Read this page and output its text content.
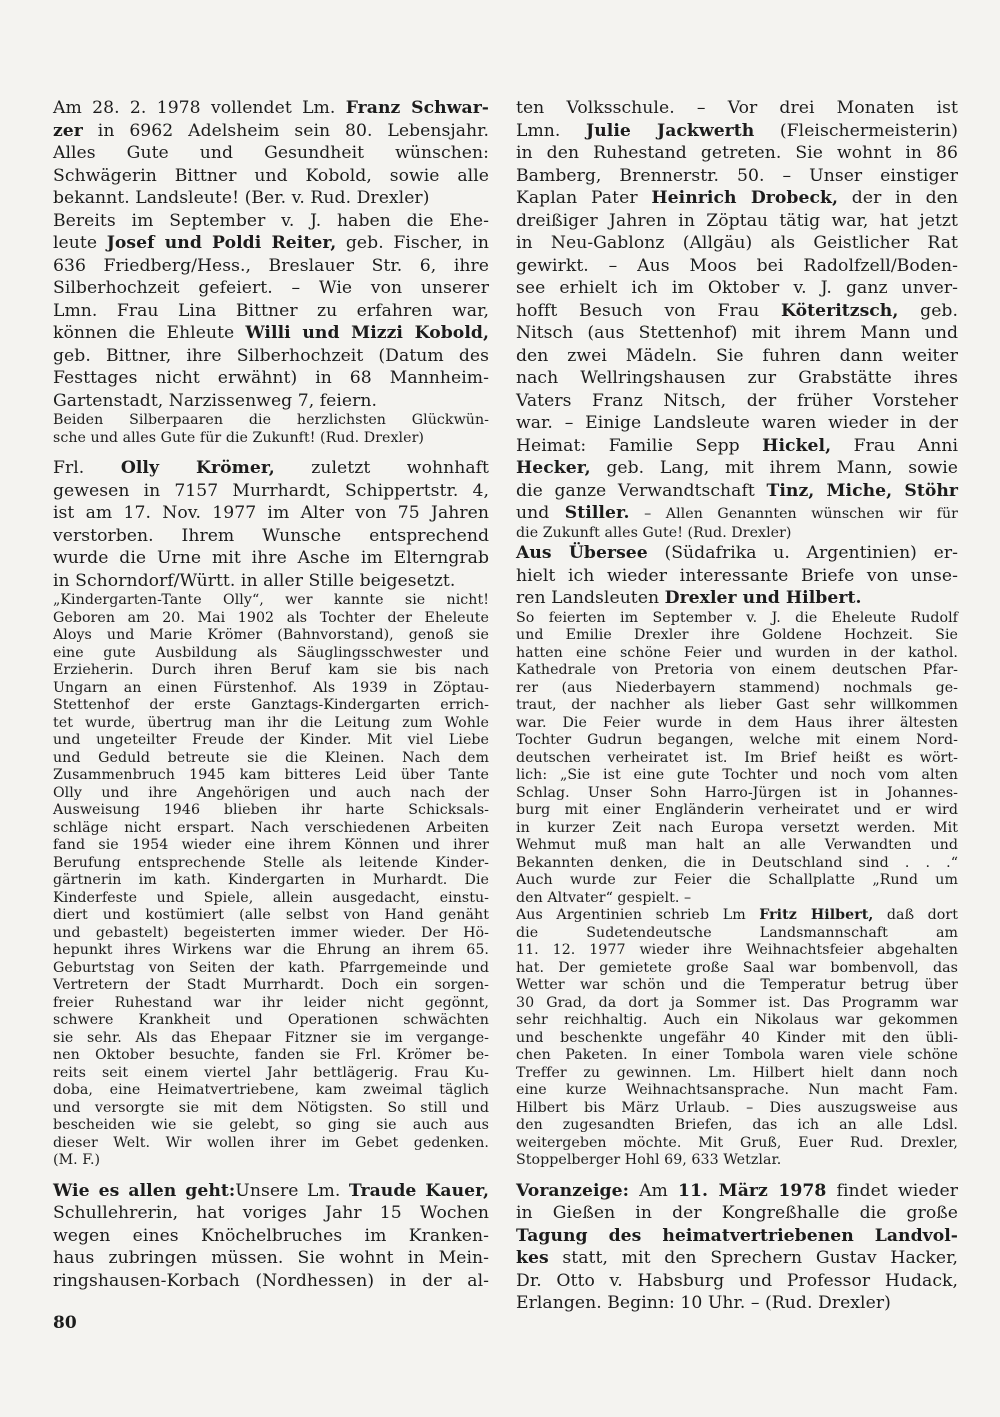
Am 28. 2. 1978 vollendet Lm. Franz Schwar-
zer in 6962 Adelsheim sein 80. Lebensjahr.
Alles Gute und Gesundheit wünschen:
Schwägerin Bittner und Kobold, sowie alle
bekannt. Landsleute! (Ber. v. Rud. Drexler)
Bereits im September v. J. haben die Ehe-
leute Josef und Poldi Reiter, geb. Fischer, in
636 Friedberg/Hess., Breslauer Str. 6, ihre
Silberhochzeit gefeiert. – Wie von unserer
Lmn. Frau Lina Bittner zu erfahren war,
können die Ehleute Willi und Mizzi Kobold,
geb. Bittner, ihre Silberhochzeit (Datum des
Festtages nicht erwähnt) in 68 Mannheim-
Gartenstadt, Narzissenweg 7, feiern.
Beiden Silberpaaren die herzlichsten Glückwün-
sche und alles Gute für die Zukunft! (Rud. Drexler)
Frl. Olly Krömer, zuletzt wohnhaft
gewesen in 7157 Murrhardt, Schippertstr. 4,
ist am 17. Nov. 1977 im Alter von 75 Jahren
verstorben. Ihrem Wunsche entsprechend
wurde die Urne mit ihre Asche im Elterngrab
in Schorndorf/Württ. in aller Stille beigesetzt.
„Kindergarten-Tante Olly“, wer kannte sie nicht!
Geboren am 20. Mai 1902 als Tochter der Eheleute
Aloys und Marie Krömer (Bahnvorstand), genoß sie
eine gute Ausbildung als Säuglingsschwester und
Erzieherin. Durch ihren Beruf kam sie bis nach
Ungarn an einen Fürstenhof. Als 1939 in Zöptau-
Stettenhof der erste Ganztags-Kindergarten errich-
tet wurde, übertrug man ihr die Leitung zum Wohle
und ungeteilter Freude der Kinder. Mit viel Liebe
und Geduld betreute sie die Kleinen. Nach dem
Zusammenbruch 1945 kam bitteres Leid über Tante
Olly und ihre Angehörigen und auch nach der
Ausweisung 1946 blieben ihr harte Schicksals-
schläge nicht erspart. Nach verschiedenen Arbeiten
fand sie 1954 wieder eine ihrem Können und ihrer
Berufung entsprechende Stelle als leitende Kinder-
gärtnerin im kath. Kindergarten in Murhardt. Die
Kinderfeste und Spiele, allein ausgedacht, einstu-
diert und kostümiert (alle selbst von Hand genäht
und gebastelt) begeisterten immer wieder. Der Hö-
hepunkt ihres Wirkens war die Ehrung an ihrem 65.
Geburtstag von Seiten der kath. Pfarrgemeinde und
Vertretern der Stadt Murrhardt. Doch ein sorgen-
freier Ruhestand war ihr leider nicht gegönnt,
schwere Krankheit und Operationen schwächten
sie sehr. Als das Ehepaar Fitzner sie im vergange-
nen Oktober besuchte, fanden sie Frl. Krömer be-
reits seit einem viertel Jahr bettlägerig. Frau Ku-
doba, eine Heimatvertriebene, kam zweimal täglich
und versorgte sie mit dem Nötigsten. So still und
bescheiden wie sie gelebt, so ging sie auch aus
dieser Welt. Wir wollen ihrer im Gebet gedenken.
(M. F.)
Wie es allen geht:Unsere Lm. Traude Kauer,
Schullehrerin, hat voriges Jahr 15 Wochen
wegen eines Knöchelbruches im Kranken-
haus zubringen müssen. Sie wohnt in Mein-
ringshausen-Korbach (Nordhessen) in der al-
ten Volksschule. – Vor drei Monaten ist
Lmn. Julie Jackwerth (Fleischermeisterin)
in den Ruhestand getreten. Sie wohnt in 86
Bamberg, Brennerstr. 50. – Unser einstiger
Kaplan Pater Heinrich Drobeck, der in den
dreißiger Jahren in Zöptau tätig war, hat jetzt
in Neu-Gablonz (Allgäu) als Geistlicher Rat
gewirkt. – Aus Moos bei Radolfzell/Boden-
see erhielt ich im Oktober v. J. ganz unver-
hofft Besuch von Frau Köteritzsch, geb.
Nitsch (aus Stettenhof) mit ihrem Mann und
den zwei Mädeln. Sie fuhren dann weiter
nach Wellringshausen zur Grabstätte ihres
Vaters Franz Nitsch, der früher Vorsteher
war. – Einige Landsleute waren wieder in der
Heimat: Familie Sepp Hickel, Frau Anni
Hecker, geb. Lang, mit ihrem Mann, sowie
die ganze Verwandtschaft Tinz, Miche, Stöhr
und Stiller. – Allen Genannten wünschen wir für
die Zukunft alles Gute! (Rud. Drexler)
Aus Übersee (Südafrika u. Argentinien) er-
hielt ich wieder interessante Briefe von unse-
ren Landsleuten Drexler und Hilbert.
So feierten im September v. J. die Eheleute Rudolf
und Emilie Drexler ihre Goldene Hochzeit. Sie
hatten eine schöne Feier und wurden in der kathol.
Kathedrale von Pretoria von einem deutschen Pfar-
rer (aus Niederbayern stammend) nochmals ge-
traut, der nachher als lieber Gast sehr willkommen
war. Die Feier wurde in dem Haus ihrer ältesten
Tochter Gudrun begangen, welche mit einem Nord-
deutschen verheiratet ist. Im Brief heißt es wört-
lich: „Sie ist eine gute Tochter und noch vom alten
Schlag. Unser Sohn Harro-Jürgen ist in Johannes-
burg mit einer Engländerin verheiratet und er wird
in kurzer Zeit nach Europa versetzt werden. Mit
Wehmut muß man halt an alle Verwandten und
Bekannten denken, die in Deutschland sind . . .“
Auch wurde zur Feier die Schallplatte „Rund um
den Altvater“ gespielt. –
Aus Argentinien schrieb Lm Fritz Hilbert, daß dort
die Sudetendeutsche Landsmannschaft am
11. 12. 1977 wieder ihre Weihnachtsfeier abgehalten
hat. Der gemietete große Saal war bombenvoll, das
Wetter war schön und die Temperatur betrug über
30 Grad, da dort ja Sommer ist. Das Programm war
sehr reichhaltig. Auch ein Nikolaus war gekommen
und beschenkte ungefähr 40 Kinder mit den übli-
chen Paketen. In einer Tombola waren viele schöne
Treffer zu gewinnen. Lm. Hilbert hielt dann noch
eine kurze Weihnachtsansprache. Nun macht Fam.
Hilbert bis März Urlaub. – Dies auszugsweise aus
den zugesandten Briefen, das ich an alle Ldsl.
weitergeben möchte. Mit Gruß, Euer Rud. Drexler,
Stoppelberger Hohl 69, 633 Wetzlar.
Voranzeige: Am 11. März 1978 findet wieder
in Gießen in der Kongreßhalle die große
Tagung des heimatvertriebenen Landvol-
kes statt, mit den Sprechern Gustav Hacker,
Dr. Otto v. Habsburg und Professor Hudack,
Erlangen. Beginn: 10 Uhr. – (Rud. Drexler)
80
